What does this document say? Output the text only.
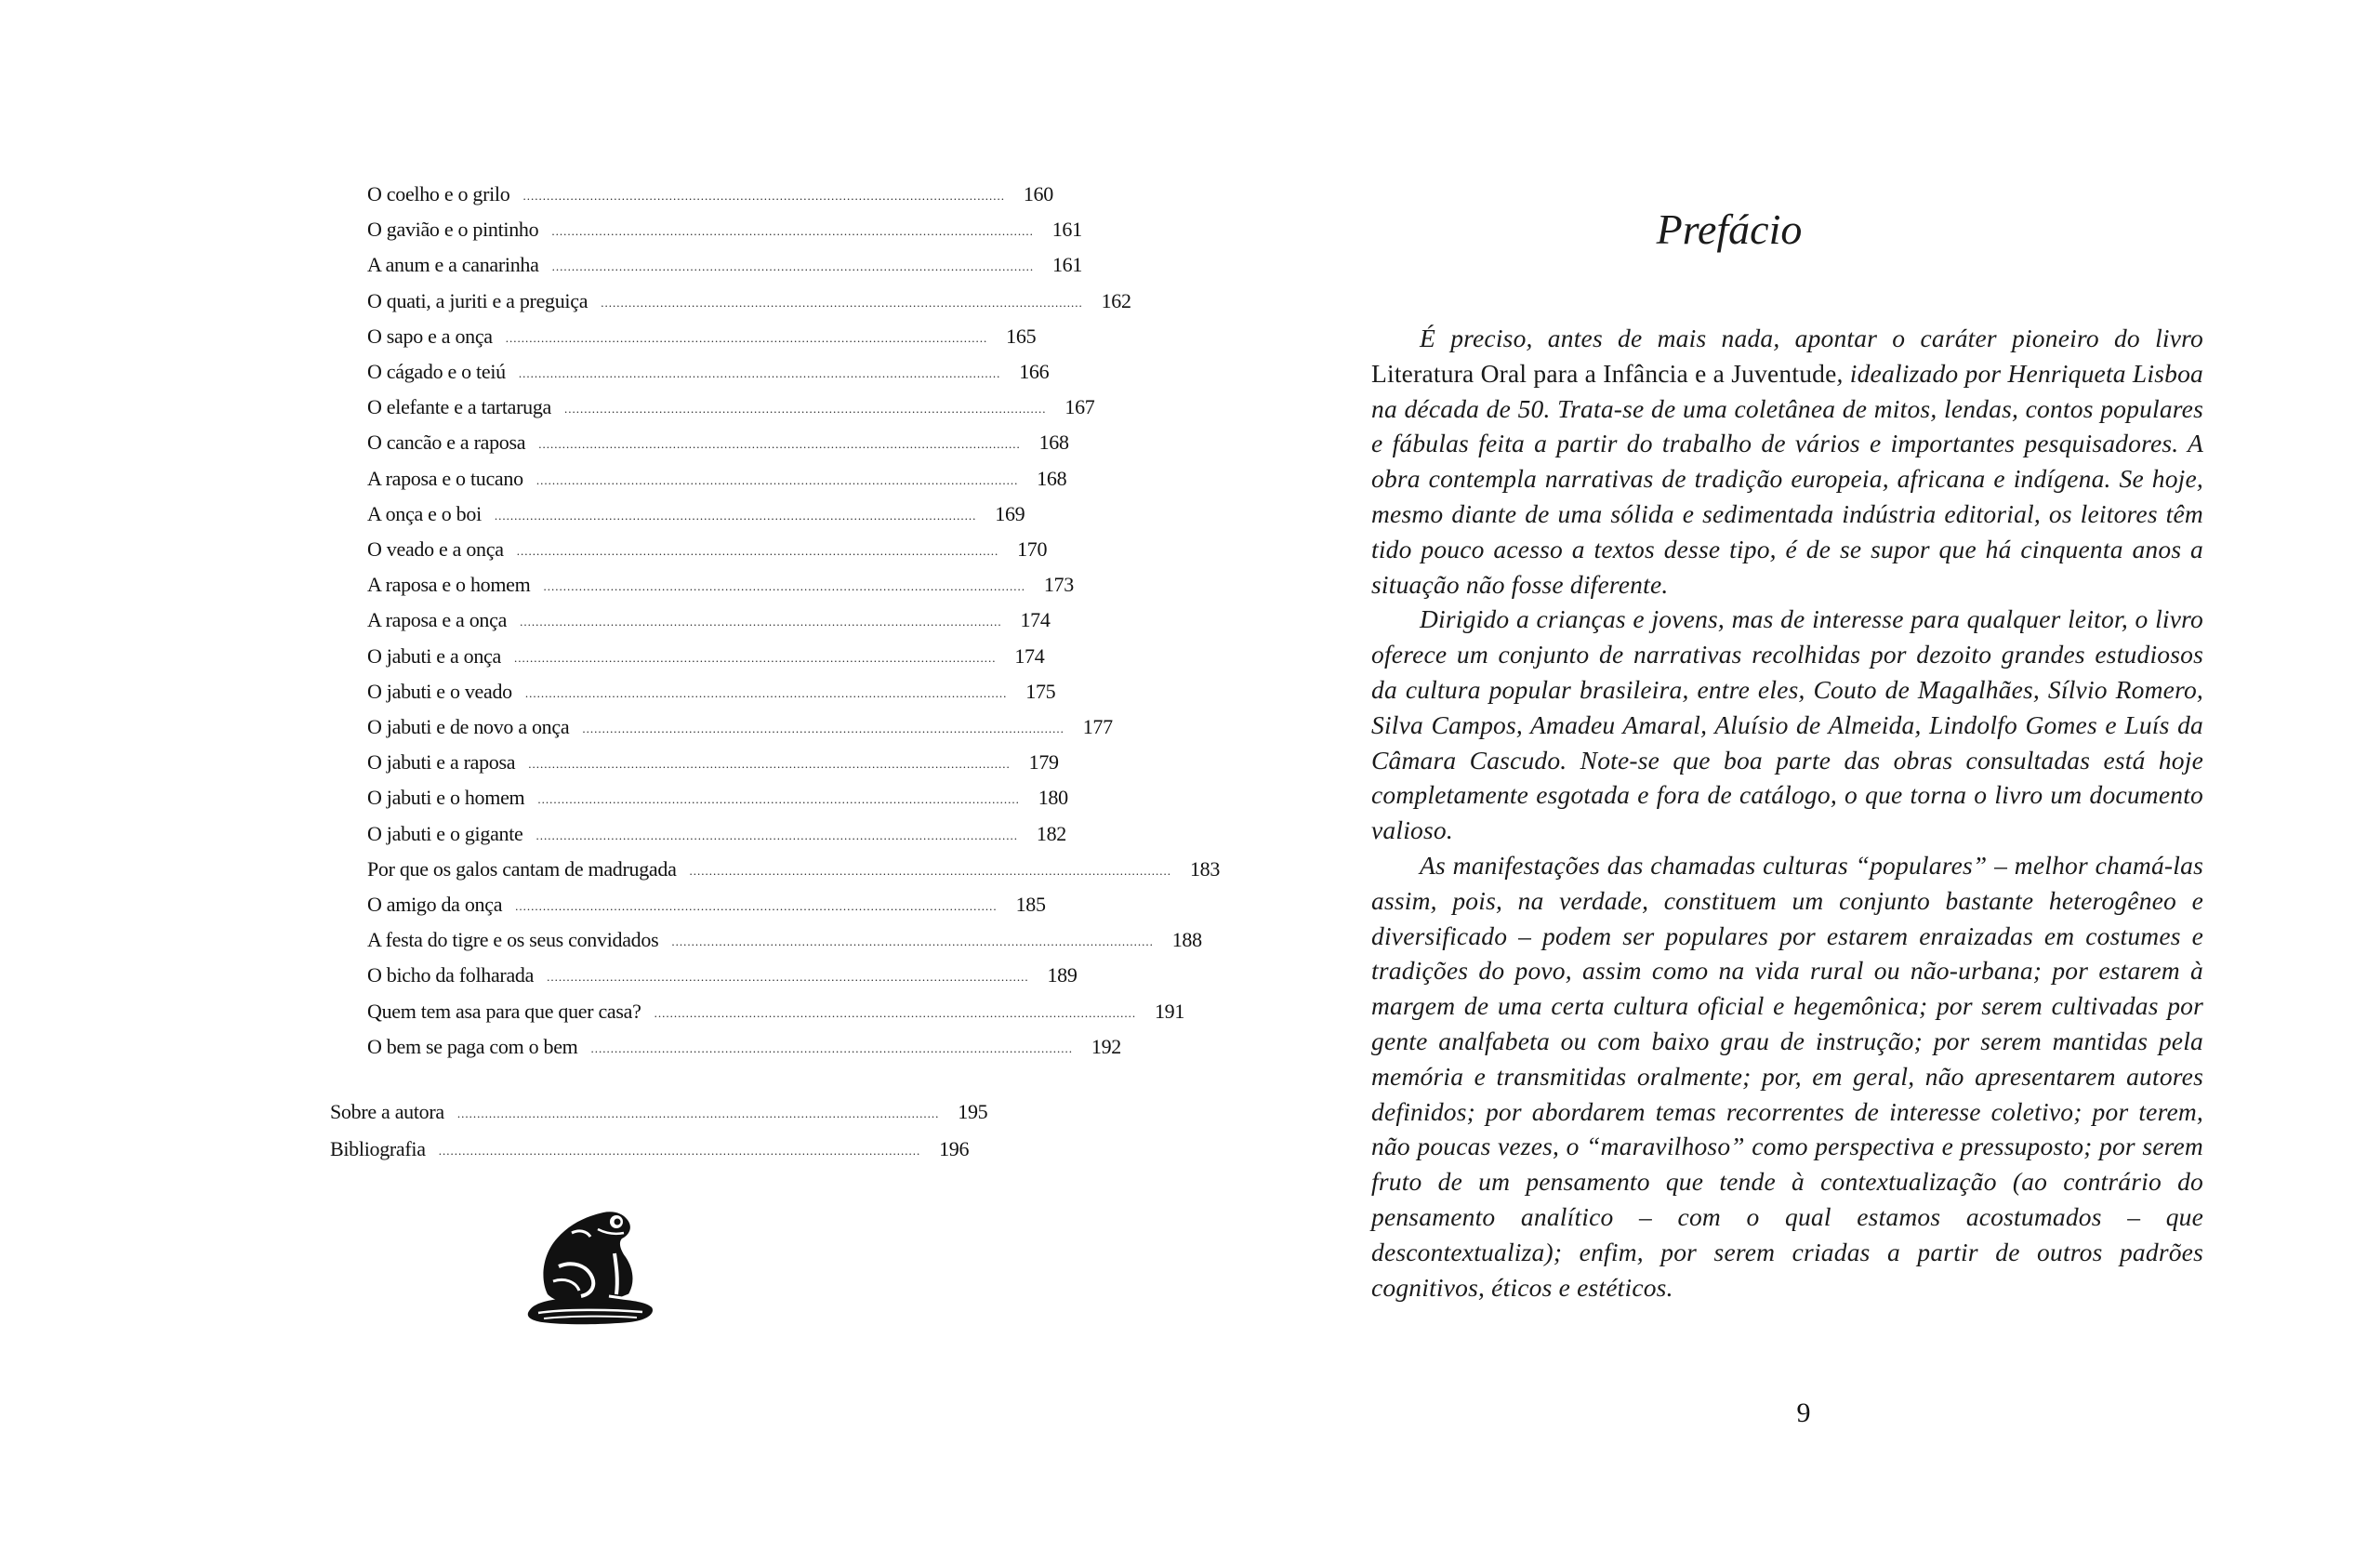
O coelho e o grilo .......................................................................................................................... 160
O gavião e o pintinho .......................................................................................................................... 161
A anum e a canarinha .......................................................................................................................... 161
O quati, a juriti e a preguiça .......................................................................................................................... 162
O sapo e a onça .......................................................................................................................... 165
O cágado e o teiú .......................................................................................................................... 166
O elefante e a tartaruga .......................................................................................................................... 167
O cancão e a raposa .......................................................................................................................... 168
A raposa e o tucano .......................................................................................................................... 168
A onça e o boi .......................................................................................................................... 169
O veado e a onça .......................................................................................................................... 170
A raposa e o homem .......................................................................................................................... 173
A raposa e a onça .......................................................................................................................... 174
O jabuti e a onça .......................................................................................................................... 174
O jabuti e o veado .......................................................................................................................... 175
O jabuti e de novo a onça .......................................................................................................................... 177
O jabuti e a raposa .......................................................................................................................... 179
O jabuti e o homem .......................................................................................................................... 180
O jabuti e o gigante .......................................................................................................................... 182
Por que os galos cantam de madrugada .......................................................................................................................... 183
O amigo da onça .......................................................................................................................... 185
A festa do tigre e os seus convidados .......................................................................................................................... 188
O bicho da folharada .......................................................................................................................... 189
Quem tem asa para que quer casa? .......................................................................................................................... 191
O bem se paga com o bem .......................................................................................................................... 192
Sobre a autora .......................................................................................................................... 195
Bibliografia .......................................................................................................................... 196
Prefácio

É preciso, antes de mais nada, apontar o caráter pioneiro do livro Literatura Oral para a Infância e a Juventude, idealizado por Henriqueta Lisboa na década de 50. Trata-se de uma coletânea de mitos, lendas, contos populares e fábulas feita a partir do trabalho de vários e importantes pesquisadores. A obra contempla narrativas de tradição europeia, africana e indígena. Se hoje, mesmo diante de uma sólida e sedimentada indústria editorial, os leitores têm tido pouco acesso a textos desse tipo, é de se supor que há cinquenta anos a situação não fosse diferente.

Dirigido a crianças e jovens, mas de interesse para qualquer leitor, o livro oferece um conjunto de narrativas recolhidas por dezoito grandes estudiosos da cultura popular brasileira, entre eles, Couto de Magalhães, Sílvio Romero, Silva Campos, Amadeu Amaral, Aluísio de Almeida, Lindolfo Gomes e Luís da Câmara Cascudo. Note-se que boa parte das obras consultadas está hoje completamente esgotada e fora de catálogo, o que torna o livro um documento valioso.

As manifestações das chamadas culturas “populares” – melhor chamá-las assim, pois, na verdade, constituem um conjunto bastante heterogêneo e diversificado – podem ser populares por estarem enraizadas em costumes e tradições do povo, assim como na vida rural ou não-urbana; por estarem à margem de uma certa cultura oficial e hegemônica; por serem cultivadas por gente analfabeta ou com baixo grau de instrução; por serem mantidas pela memória e transmitidas oralmente; por, em geral, não apresentarem autores definidos; por abordarem temas recorrentes de interesse coletivo; por terem, não poucas vezes, o “maravilhoso” como perspectiva e pressuposto; por serem fruto de um pensamento que tende à contextualização (ao contrário do pensamento analítico – com o qual estamos acostumados – que descontextualiza); enfim, por serem criadas a partir de outros padrões cognitivos, éticos e estéticos.

9
